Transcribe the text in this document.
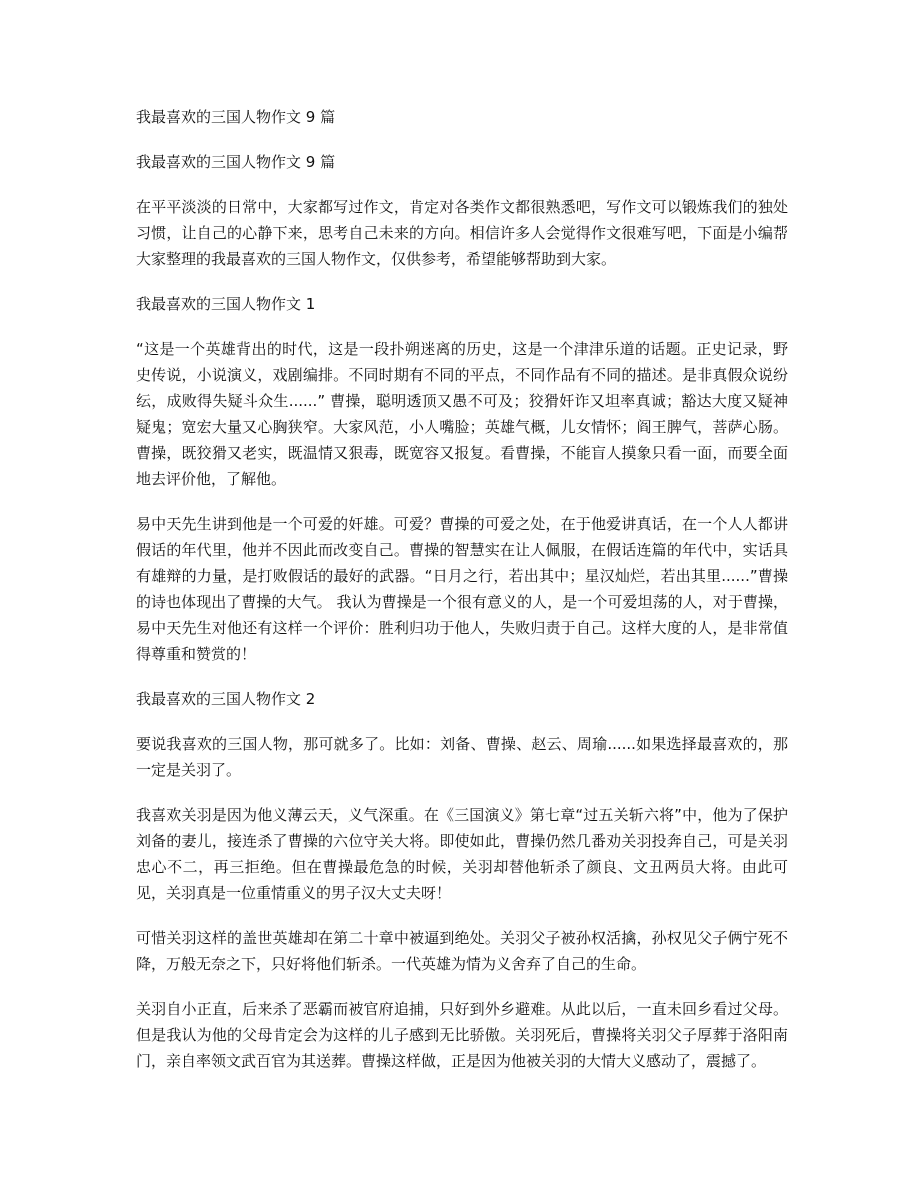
我最喜欢的三国人物作文 9 篇
我最喜欢的三国人物作文 9 篇

在平平淡淡的日常中，大家都写过作文，肯定对各类作文都很熟悉吧，写作文可以锻炼我们的独处习惯，让自己的心静下来，思考自己未来的方向。相信许多人会觉得作文很难写吧，下面是小编帮大家整理的我最喜欢的三国人物作文，仅供参考，希望能够帮助到大家。

我最喜欢的三国人物作文 1

“这是一个英雄背出的时代，这是一段扑朔迷离的历史，这是一个津津乐道的话题。正史记录，野史传说，小说演义，戏剧编排。不同时期有不同的平点，不同作品有不同的描述。是非真假众说纷纭，成败得失疑斗众生......” 曹操，聪明透顶又愚不可及；狡猾奸诈又坦率真诚；豁达大度又疑神疑鬼；宽宏大量又心胸狭窄。大家风范，小人嘴脸；英雄气概，儿女情怀；阎王脾气，菩萨心肠。曹操，既狡猾又老实，既温情又狠毒，既宽容又报复。看曹操，不能盲人摸象只看一面，而要全面地去评价他，了解他。

易中天先生讲到他是一个可爱的奸雄。可爱？曹操的可爱之处，在于他爱讲真话，在一个人人都讲假话的年代里，他并不因此而改变自己。曹操的智慧实在让人佩服，在假话连篇的年代中，实话具有雄辩的力量，是打败假话的最好的武器。“日月之行，若出其中；星汉灿烂，若出其里......”曹操的诗也体现出了曹操的大气。 我认为曹操是一个很有意义的人，是一个可爱坦荡的人，对于曹操，易中天先生对他还有这样一个评价：胜利归功于他人，失败归责于自己。这样大度的人，是非常值得尊重和赞赏的！

我最喜欢的三国人物作文 2

要说我喜欢的三国人物，那可就多了。比如：刘备、曹操、赵云、周瑜......如果选择最喜欢的，那一定是关羽了。

我喜欢关羽是因为他义薄云天，义气深重。在《三国演义》第七章“过五关斩六将”中，他为了保护刘备的妻儿，接连杀了曹操的六位守关大将。即使如此，曹操仍然几番劝关羽投奔自己，可是关羽忠心不二，再三拒绝。但在曹操最危急的时候，关羽却替他斩杀了颜良、文丑两员大将。由此可见，关羽真是一位重情重义的男子汉大丈夫呀！

可惜关羽这样的盖世英雄却在第二十章中被逼到绝处。关羽父子被孙权活擒，孙权见父子俩宁死不降，万般无奈之下，只好将他们斩杀。一代英雄为情为义舍弃了自己的生命。

关羽自小正直，后来杀了恶霸而被官府追捕，只好到外乡避难。从此以后，一直未回乡看过父母。但是我认为他的父母肯定会为这样的儿子感到无比骄傲。关羽死后，曹操将关羽父子厚葬于洛阳南门，亲自率领文武百官为其送葬。曹操这样做，正是因为他被关羽的大情大义感动了，震撼了。
